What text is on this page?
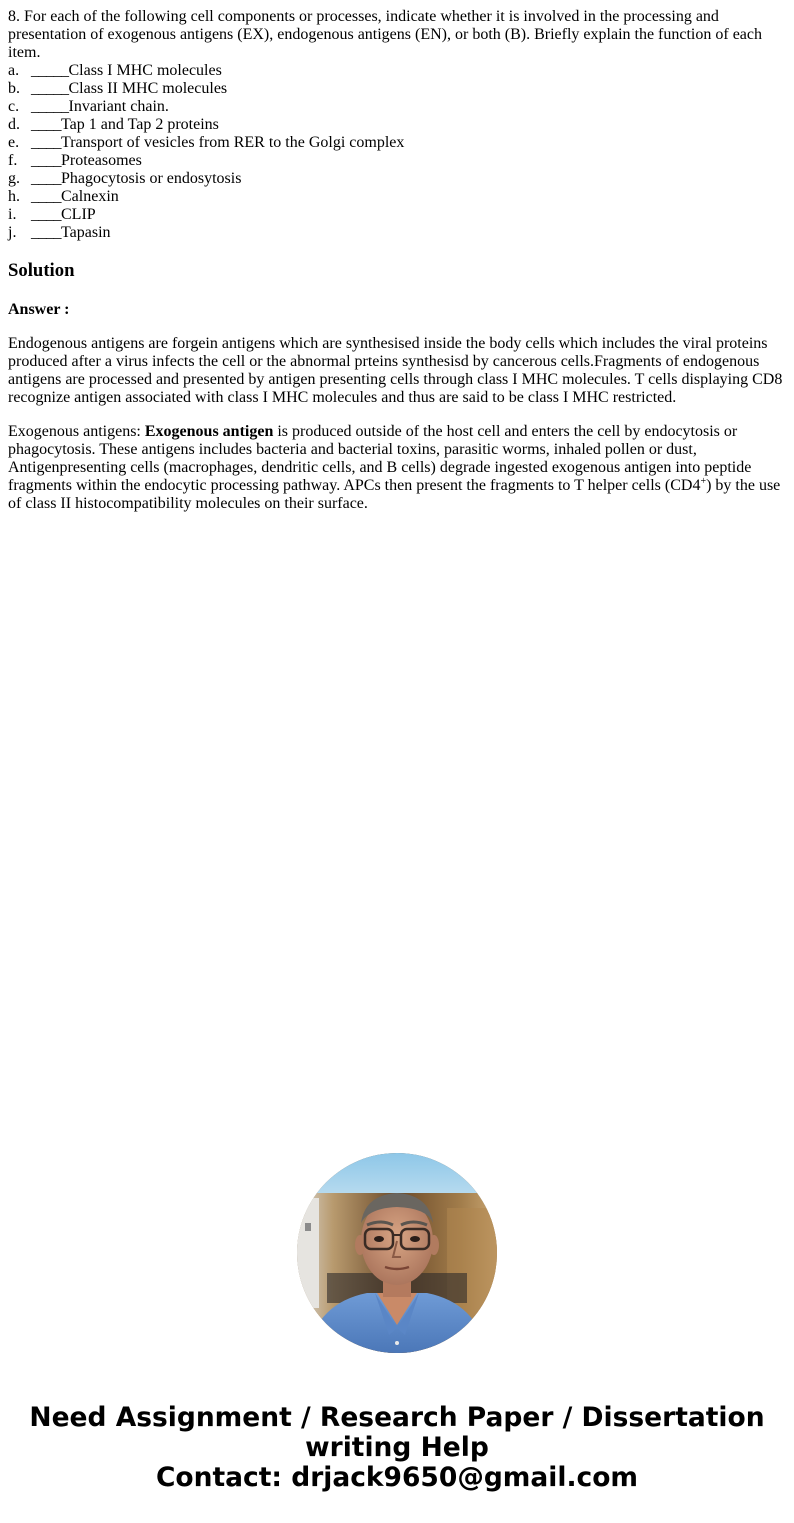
8. For each of the following cell components or processes, indicate whether it is involved in the processing and presentation of exogenous antigens (EX), endogenous antigens (EN), or both (B). Briefly explain the function of each item.

a. _____Class I MHC molecules
b. _____Class II MHC molecules
c. _____Invariant chain.
d. ____Tap 1 and Tap 2 proteins
e. ____Transport of vesicles from RER to the Golgi complex
f. ____Proteasomes
g. ____Phagocytosis or endosytosis
h. ____Calnexin
i. ____CLIP
j. ____Tapasin
Solution

Answer :

Endogenous antigens are forgein antigens which are synthesised inside the body cells which includes the viral proteins produced after a virus infects the cell or the abnormal prteins synthesisd by cancerous cells.Fragments of endogenous antigens are processed and presented by antigen presenting cells through class I MHC molecules. T cells displaying CD8 recognize antigen associated with class I MHC molecules and thus are said to be class I MHC restricted.

Exogenous antigens: Exogenous antigen is produced outside of the host cell and enters the cell by endocytosis or phagocytosis. These antigens includes bacteria and bacterial toxins, parasitic worms, inhaled pollen or dust, Antigenpresenting cells (macrophages, dendritic cells, and B cells) degrade ingested exogenous antigen into peptide fragments within the endocytic processing pathway. APCs then present the fragments to T helper cells (CD4+) by the use of class II histocompatibility molecules on their surface.

Need Assignment / Research Paper / Dissertation
writing Help
Contact: drjack9650@gmail.com
